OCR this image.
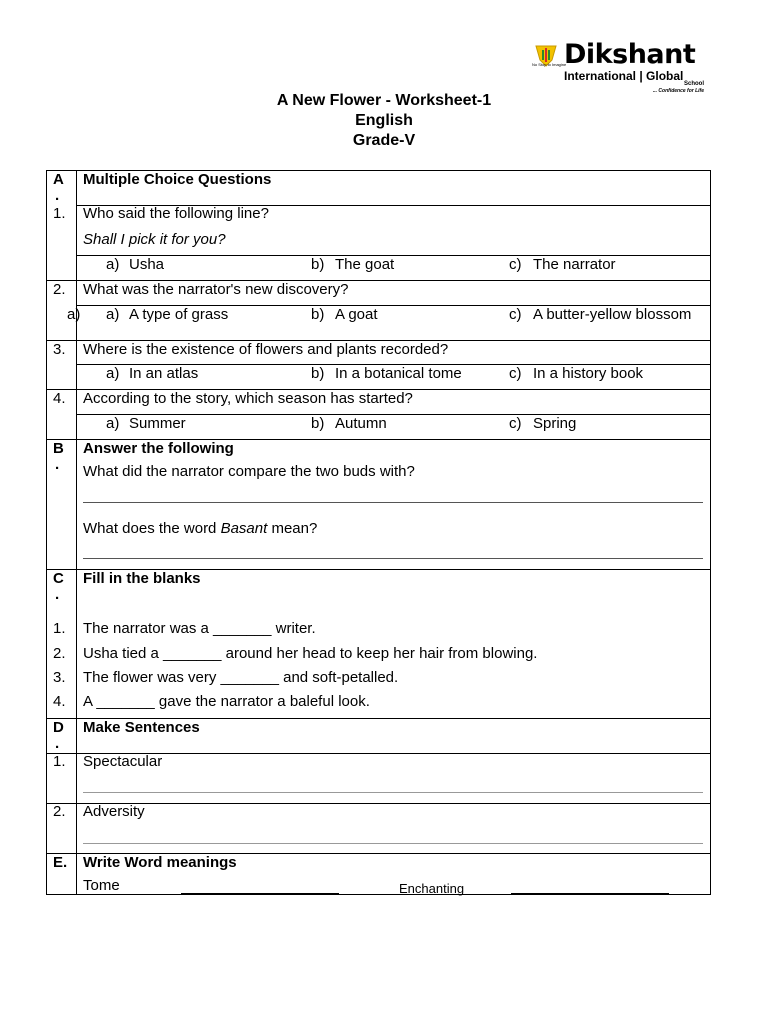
No Stop to Imagine
Dikshant
International | Global
School
... Confidence for Life
A New Flower - Worksheet-1
English
Grade-V
A
.
Multiple Choice Questions
1. Who said the following line?
Shall I pick it for you?
a) Usha	b) The goat	c) The narrator
2. What was the narrator's new discovery?
a) a) A type of grass	b) A goat	c) A butter-yellow blossom
3. Where is the existence of flowers and plants recorded?
a) In an atlas	b) In a botanical tome	c) In a history book
4. According to the story, which season has started?
a) Summer	b) Autumn	c) Spring
B
.
Answer the following
What did the narrator compare the two buds with?
What does the word Basant mean?
C
.
Fill in the blanks
1. The narrator was a _______ writer.
2. Usha tied a _______ around her head to keep her hair from blowing.
3. The flower was very _______ and soft-petalled.
4. A _______ gave the narrator a baleful look.
D
.
Make Sentences
1. Spectacular
2. Adversity
E. Write Word meanings
Tome	Enchanting
